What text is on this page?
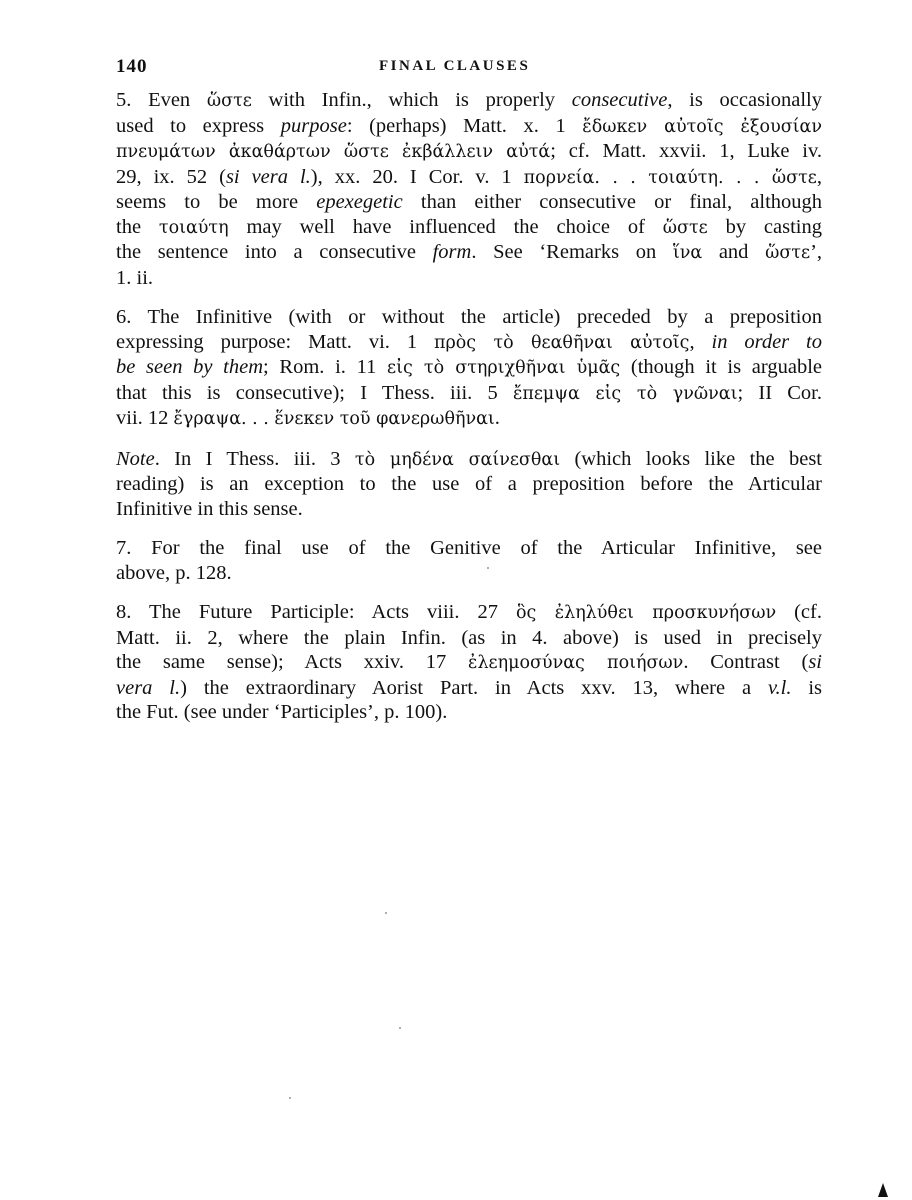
140	FINAL CLAUSES

5. Even ὥστε with Infin., which is properly consecutive, is occasionally
used to express purpose: (perhaps) Matt. x. 1 ἔδωκεν αὐτοῖς ἐξουσίαν
πνευμάτων ἀκαθάρτων ὥστε ἐκβάλλειν αὐτά; cf. Matt. xxvii. 1, Luke iv.
29, ix. 52 (si vera l.), xx. 20. I Cor. v. 1 πορνεία. . . τοιαύτη. . . ὥστε,
seems to be more epexegetic than either consecutive or final, although
the τοιαύτη may well have influenced the choice of ὥστε by casting
the sentence into a consecutive form. See ‘Remarks on ἵνα and ὥστε’,
1. ii.

6. The Infinitive (with or without the article) preceded by a preposition
expressing purpose: Matt. vi. 1 πρὸς τὸ θεαθῆναι αὐτοῖς, in order to
be seen by them; Rom. i. 11 εἰς τὸ στηριχθῆναι ὑμᾶς (though it is arguable
that this is consecutive); I Thess. iii. 5 ἔπεμψα εἰς τὸ γνῶναι; II Cor.
vii. 12 ἔγραψα. . . ἕνεκεν τοῦ φανερωθῆναι.

Note. In I Thess. iii. 3 τὸ μηδένα σαίνεσθαι (which looks like the best
reading) is an exception to the use of a preposition before the Articular
Infinitive in this sense.

7. For the final use of the Genitive of the Articular Infinitive, see
above, p. 128.

8. The Future Participle: Acts viii. 27 ὃς ἐληλύθει προσκυνήσων (cf.
Matt. ii. 2, where the plain Infin. (as in 4. above) is used in precisely
the same sense); Acts xxiv. 17 ἐλεημοσύνας ποιήσων. Contrast (si
vera l.) the extraordinary Aorist Part. in Acts xxv. 13, where a v.l. is
the Fut. (see under ‘Participles’, p. 100).
